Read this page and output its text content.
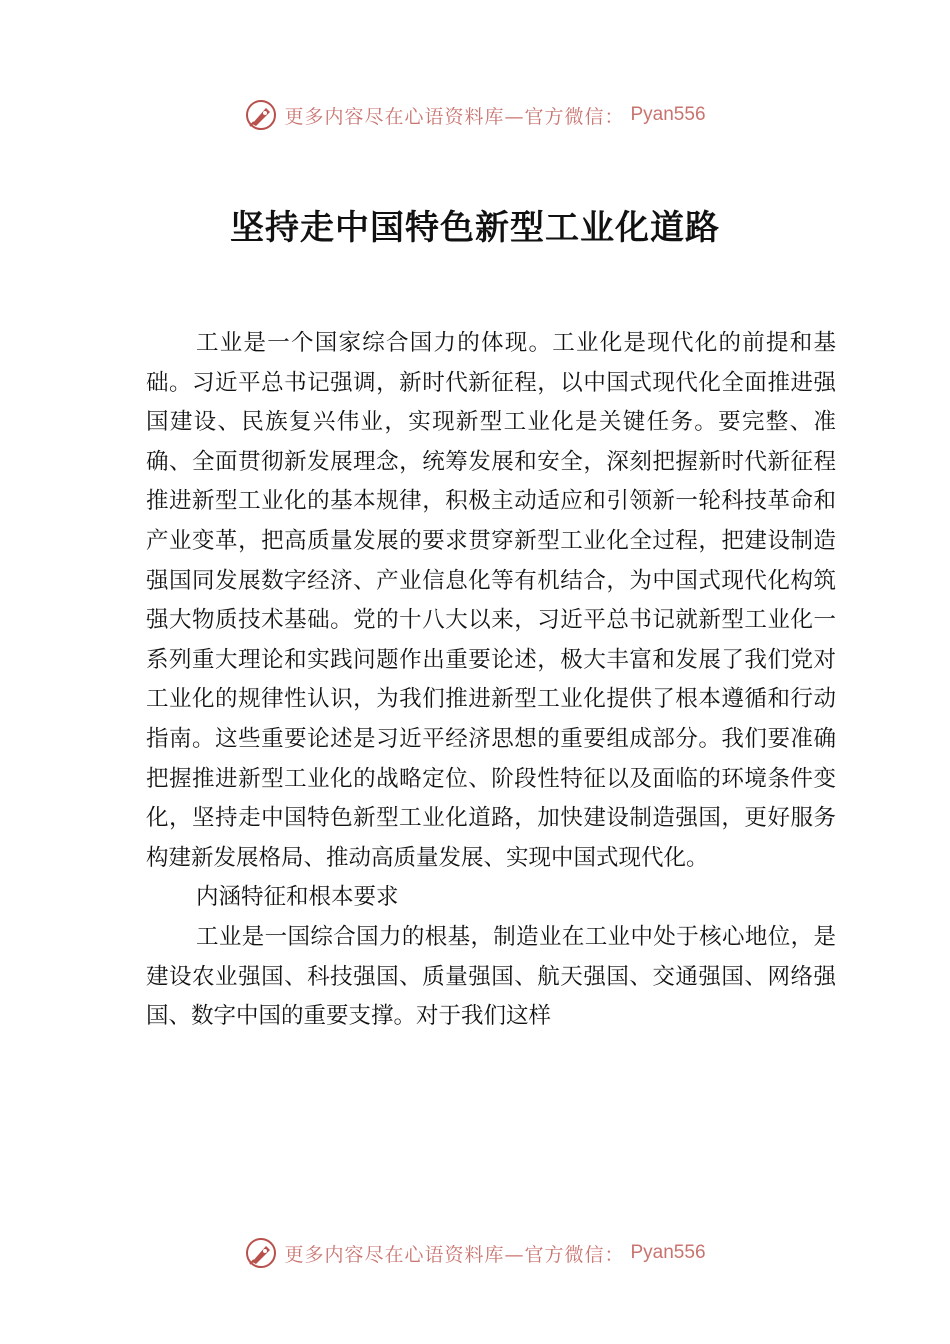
更多内容尽在心语资料库—官方微信： Pyan556
坚持走中国特色新型工业化道路

工业是一个国家综合国力的体现。工业化是现代化的前提和基础。习近平总书记强调，新时代新征程，以中国式现代化全面推进强国建设、民族复兴伟业，实现新型工业化是关键任务。要完整、准确、全面贯彻新发展理念，统筹发展和安全，深刻把握新时代新征程推进新型工业化的基本规律，积极主动适应和引领新一轮科技革命和产业变革，把高质量发展的要求贯穿新型工业化全过程，把建设制造强国同发展数字经济、产业信息化等有机结合，为中国式现代化构筑强大物质技术基础。党的十八大以来，习近平总书记就新型工业化一系列重大理论和实践问题作出重要论述，极大丰富和发展了我们党对工业化的规律性认识，为我们推进新型工业化提供了根本遵循和行动指南。这些重要论述是习近平经济思想的重要组成部分。我们要准确把握推进新型工业化的战略定位、阶段性特征以及面临的环境条件变化，坚持走中国特色新型工业化道路，加快建设制造强国，更好服务构建新发展格局、推动高质量发展、实现中国式现代化。

内涵特征和根本要求

工业是一国综合国力的根基，制造业在工业中处于核心地位，是建设农业强国、科技强国、质量强国、航天强国、交通强国、网络强国、数字中国的重要支撑。对于我们这样

更多内容尽在心语资料库—官方微信： Pyan556
